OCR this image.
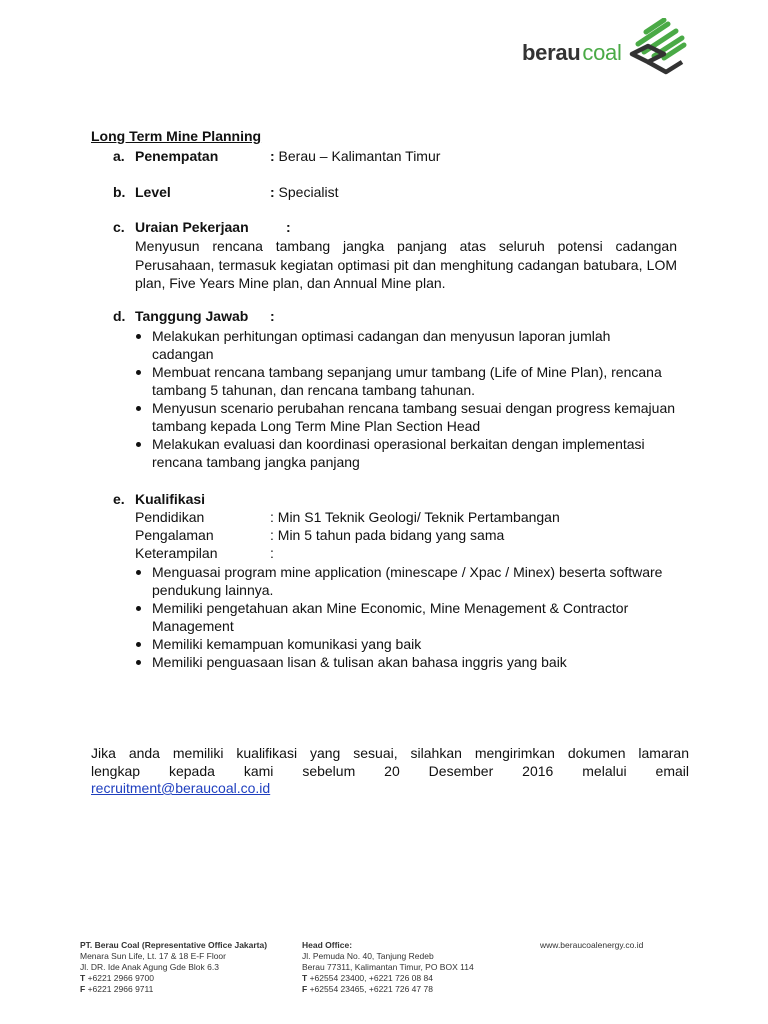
beraucoal
Long Term Mine Planning
a. Penempatan	: Berau – Kalimantan Timur
b. Level	: Specialist
c. Uraian Pekerjaan	:
Menyusun rencana tambang jangka panjang atas seluruh potensi cadangan Perusahaan, termasuk kegiatan optimasi pit dan menghitung cadangan batubara, LOM plan, Five Years Mine plan, dan Annual Mine plan.
d. Tanggung Jawab :
Melakukan perhitungan optimasi cadangan dan menyusun laporan jumlah cadangan
Membuat rencana tambang sepanjang umur tambang (Life of Mine Plan), rencana tambang 5 tahunan, dan rencana tambang tahunan.
Menyusun scenario perubahan rencana tambang sesuai dengan progress kemajuan tambang kepada Long Term Mine Plan Section Head
Melakukan evaluasi dan koordinasi operasional berkaitan dengan implementasi rencana tambang jangka panjang
e. Kualifikasi
Pendidikan	: Min S1 Teknik Geologi/ Teknik Pertambangan
Pengalaman	: Min 5 tahun pada bidang yang sama
Keterampilan	:
Menguasai program mine application (minescape / Xpac / Minex) beserta software pendukung lainnya.
Memiliki pengetahuan akan Mine Economic, Mine Menagement & Contractor Management
Memiliki kemampuan komunikasi yang baik
Memiliki penguasaan lisan & tulisan akan bahasa inggris yang baik
Jika anda memiliki kualifikasi yang sesuai, silahkan mengirimkan dokumen lamaran
lengkap kepada kami sebelum 20 Desember 2016 melalui email
recruitment@beraucoal.co.id
PT. Berau Coal (Representative Office Jakarta)
Menara Sun Life, Lt. 17 & 18 E-F Floor
Jl. DR. Ide Anak Agung Gde Blok 6.3
T +6221 2966 9700
F +6221 2966 9711
Head Office:
Jl. Pemuda No. 40, Tanjung Redeb
Berau 77311, Kalimantan Timur, PO BOX 114
T +62554 23400, +6221 726 08 84
F +62554 23465, +6221 726 47 78
www.beraucoalenergy.co.id
